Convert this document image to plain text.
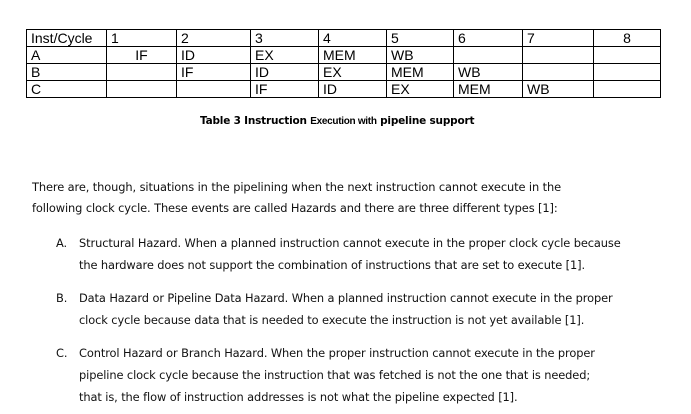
Inst/Cycle	1	2	3	4	5	6	7	8
A	IF	ID	EX	MEM	WB			
B		IF	ID	EX	MEM	WB		
C			IF	ID	EX	MEM	WB	
Table 3 Instruction Execution with pipeline support
There are, though, situations in the pipelining when the next instruction cannot execute in the
following clock cycle. These events are called Hazards and there are three different types [1]:
A. Structural Hazard. When a planned instruction cannot execute in the proper clock cycle because
the hardware does not support the combination of instructions that are set to execute [1].
B. Data Hazard or Pipeline Data Hazard. When a planned instruction cannot execute in the proper
clock cycle because data that is needed to execute the instruction is not yet available [1].
C. Control Hazard or Branch Hazard. When the proper instruction cannot execute in the proper
pipeline clock cycle because the instruction that was fetched is not the one that is needed;
that is, the flow of instruction addresses is not what the pipeline expected [1].
